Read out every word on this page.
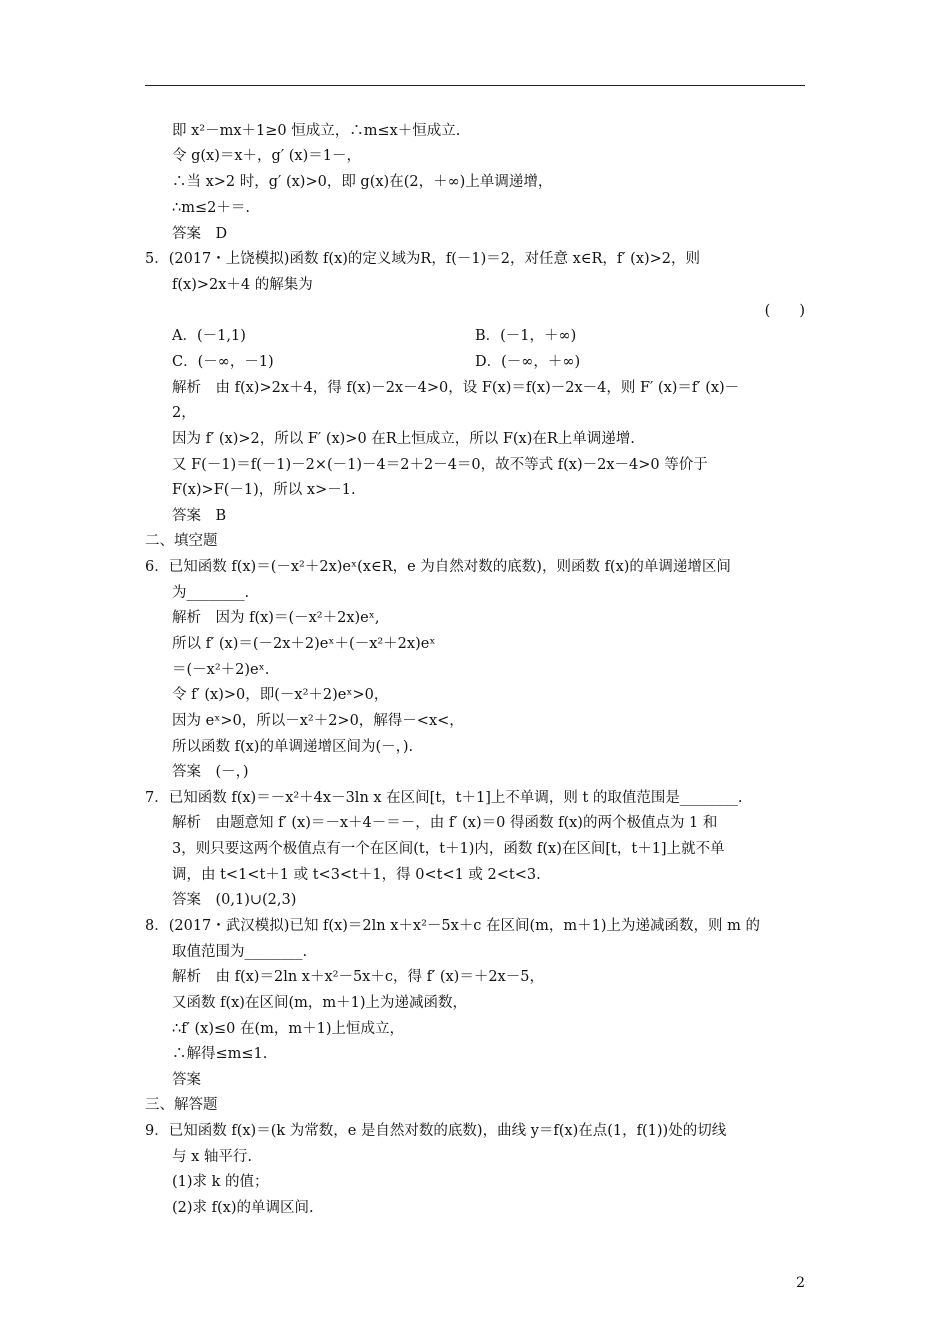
即 x²－mx＋1≥0 恒成立，∴m≤x＋恒成立.
令 g(x)＝x＋，g′ (x)＝1－，
∴当 x>2 时，g′ (x)>0，即 g(x)在(2，＋∞)上单调递增，
∴m≤2＋＝.
答案　D
5．(2017・上饶模拟)函数 f(x)的定义域为R，f(－1)＝2，对任意 x∈R，f′ (x)>2，则
f(x)>2x＋4 的解集为
(　　)
A．(－1,1)	B．(－1，＋∞)
C．(－∞，－1)	D．(－∞，＋∞)
解析　由 f(x)>2x＋4，得 f(x)－2x－4>0，设 F(x)＝f(x)－2x－4，则 F′ (x)＝f′ (x)－
2，
因为 f′ (x)>2，所以 F′ (x)>0 在R上恒成立，所以 F(x)在R上单调递增.
又 F(－1)＝f(－1)－2×(－1)－4＝2＋2－4＝0，故不等式 f(x)－2x－4>0 等价于
F(x)>F(－1)，所以 x>－1.
答案　B
二、填空题
6．已知函数 f(x)＝(－x²＋2x)eˣ(x∈R，e 为自然对数的底数)，则函数 f(x)的单调递增区间
为________.
解析　因为 f(x)＝(－x²＋2x)eˣ,
所以 f′ (x)＝(－2x＋2)eˣ＋(－x²＋2x)eˣ
＝(－x²＋2)eˣ.
令 f′ (x)>0，即(－x²＋2)eˣ>0，
因为 eˣ>0，所以－x²＋2>0，解得－<x<，
所以函数 f(x)的单调递增区间为(－，).
答案　(－，)
7．已知函数 f(x)＝－x²＋4x－3ln x 在区间[t，t＋1]上不单调，则 t 的取值范围是________.
解析　由题意知 f′ (x)＝－x＋4－＝－，由 f′ (x)＝0 得函数 f(x)的两个极值点为 1 和
3，则只要这两个极值点有一个在区间(t，t＋1)内，函数 f(x)在区间[t，t＋1]上就不单
调，由 t<1<t＋1 或 t<3<t＋1，得 0<t<1 或 2<t<3.
答案　(0,1)∪(2,3)
8．(2017・武汉模拟)已知 f(x)＝2ln x＋x²－5x＋c 在区间(m，m＋1)上为递减函数，则 m 的
取值范围为________.
解析　由 f(x)＝2ln x＋x²－5x＋c，得 f′ (x)＝＋2x－5，
又函数 f(x)在区间(m，m＋1)上为递减函数，
∴f′ (x)≤0 在(m，m＋1)上恒成立，
∴解得≤m≤1.
答案
三、解答题
9．已知函数 f(x)＝(k 为常数，e 是自然对数的底数)，曲线 y＝f(x)在点(1，f(1))处的切线
与 x 轴平行.
(1)求 k 的值；
(2)求 f(x)的单调区间.
2
